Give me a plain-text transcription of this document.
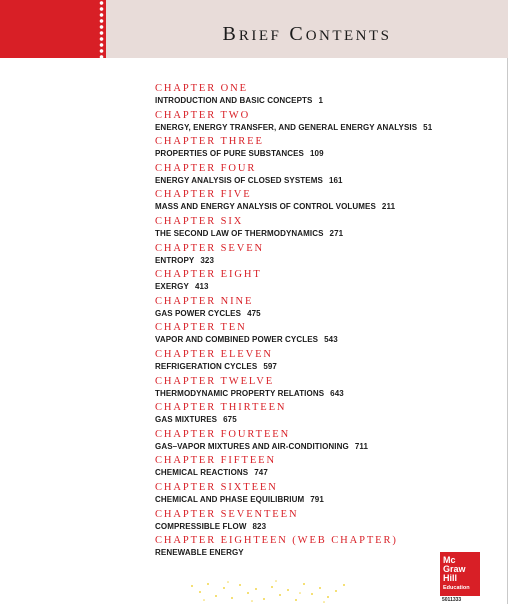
BRIEF CONTENTS
CHAPTER ONE
INTRODUCTION AND BASIC CONCEPTS 1
CHAPTER TWO
ENERGY, ENERGY TRANSFER, AND GENERAL ENERGY ANALYSIS 51
CHAPTER THREE
PROPERTIES OF PURE SUBSTANCES 109
CHAPTER FOUR
ENERGY ANALYSIS OF CLOSED SYSTEMS 161
CHAPTER FIVE
MASS AND ENERGY ANALYSIS OF CONTROL VOLUMES 211
CHAPTER SIX
THE SECOND LAW OF THERMODYNAMICS 271
CHAPTER SEVEN
ENTROPY 323
CHAPTER EIGHT
EXERGY 413
CHAPTER NINE
GAS POWER CYCLES 475
CHAPTER TEN
VAPOR AND COMBINED POWER CYCLES 543
CHAPTER ELEVEN
REFRIGERATION CYCLES 597
CHAPTER TWELVE
THERMODYNAMIC PROPERTY RELATIONS 643
CHAPTER THIRTEEN
GAS MIXTURES 675
CHAPTER FOURTEEN
GAS–VAPOR MIXTURES AND AIR-CONDITIONING 711
CHAPTER FIFTEEN
CHEMICAL REACTIONS 747
CHAPTER SIXTEEN
CHEMICAL AND PHASE EQUILIBRIUM 791
CHAPTER SEVENTEEN
COMPRESSIBLE FLOW 823
CHAPTER EIGHTEEN (WEB CHAPTER)
RENEWABLE ENERGY
Mc
Graw
Hill
Education
5011333
